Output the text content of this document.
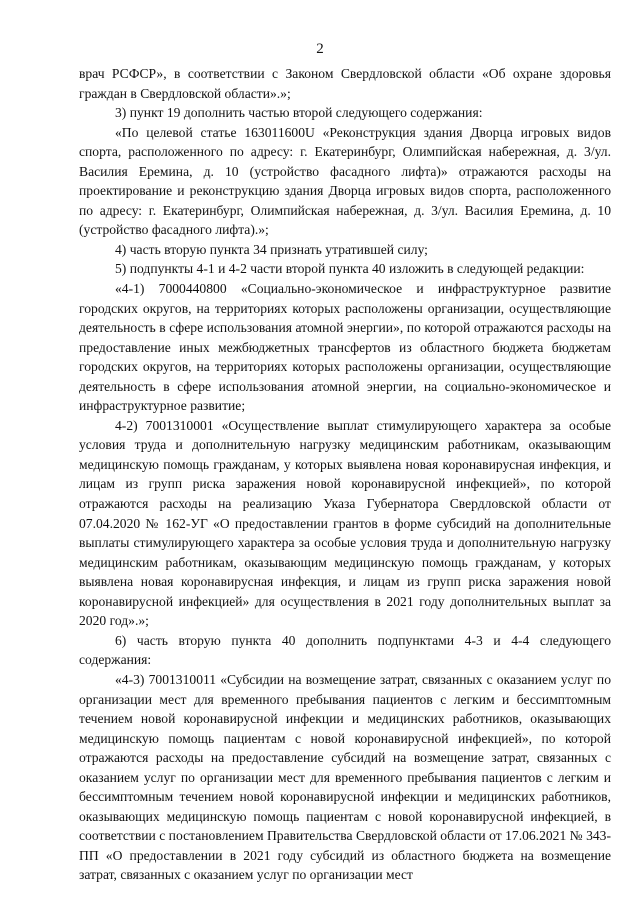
2

врач РСФСР», в соответствии с Законом Свердловской области «Об охране здоровья граждан в Свердловской области».»;

3) пункт 19 дополнить частью второй следующего содержания:

«По целевой статье 163011600U «Реконструкция здания Дворца игровых видов спорта, расположенного по адресу: г. Екатеринбург, Олимпийская набережная, д. 3/ул. Василия Еремина, д. 10 (устройство фасадного лифта)» отражаются расходы на проектирование и реконструкцию здания Дворца игровых видов спорта, расположенного по адресу: г. Екатеринбург, Олимпийская набережная, д. 3/ул. Василия Еремина, д. 10 (устройство фасадного лифта).»;

4) часть вторую пункта 34 признать утратившей силу;

5) подпункты 4-1 и 4-2 части второй пункта 40 изложить в следующей редакции:

«4-1) 7000440800 «Социально-экономическое и инфраструктурное развитие городских округов, на территориях которых расположены организации, осуществляющие деятельность в сфере использования атомной энергии», по которой отражаются расходы на предоставление иных межбюджетных трансфертов из областного бюджета бюджетам городских округов, на территориях которых расположены организации, осуществляющие деятельность в сфере использования атомной энергии, на социально-экономическое и инфраструктурное развитие;

4-2) 7001310001 «Осуществление выплат стимулирующего характера за особые условия труда и дополнительную нагрузку медицинским работникам, оказывающим медицинскую помощь гражданам, у которых выявлена новая коронавирусная инфекция, и лицам из групп риска заражения новой коронавирусной инфекцией», по которой отражаются расходы на реализацию Указа Губернатора Свердловской области от 07.04.2020 № 162-УГ «О предоставлении грантов в форме субсидий на дополнительные выплаты стимулирующего характера за особые условия труда и дополнительную нагрузку медицинским работникам, оказывающим медицинскую помощь гражданам, у которых выявлена новая коронавирусная инфекция, и лицам из групп риска заражения новой коронавирусной инфекцией» для осуществления в 2021 году дополнительных выплат за 2020 год».»;

6) часть вторую пункта 40 дополнить подпунктами 4-3 и 4-4 следующего содержания:

«4-3) 7001310011 «Субсидии на возмещение затрат, связанных с оказанием услуг по организации мест для временного пребывания пациентов с легким и бессимптомным течением новой коронавирусной инфекции и медицинских работников, оказывающих медицинскую помощь пациентам с новой коронавирусной инфекцией», по которой отражаются расходы на предоставление субсидий на возмещение затрат, связанных с оказанием услуг по организации мест для временного пребывания пациентов с легким и бессимптомным течением новой коронавирусной инфекции и медицинских работников, оказывающих медицинскую помощь пациентам с новой коронавирусной инфекцией, в соответствии с постановлением Правительства Свердловской области от 17.06.2021 № 343-ПП «О предоставлении в 2021 году субсидий из областного бюджета на возмещение затрат, связанных с оказанием услуг по организации мест
